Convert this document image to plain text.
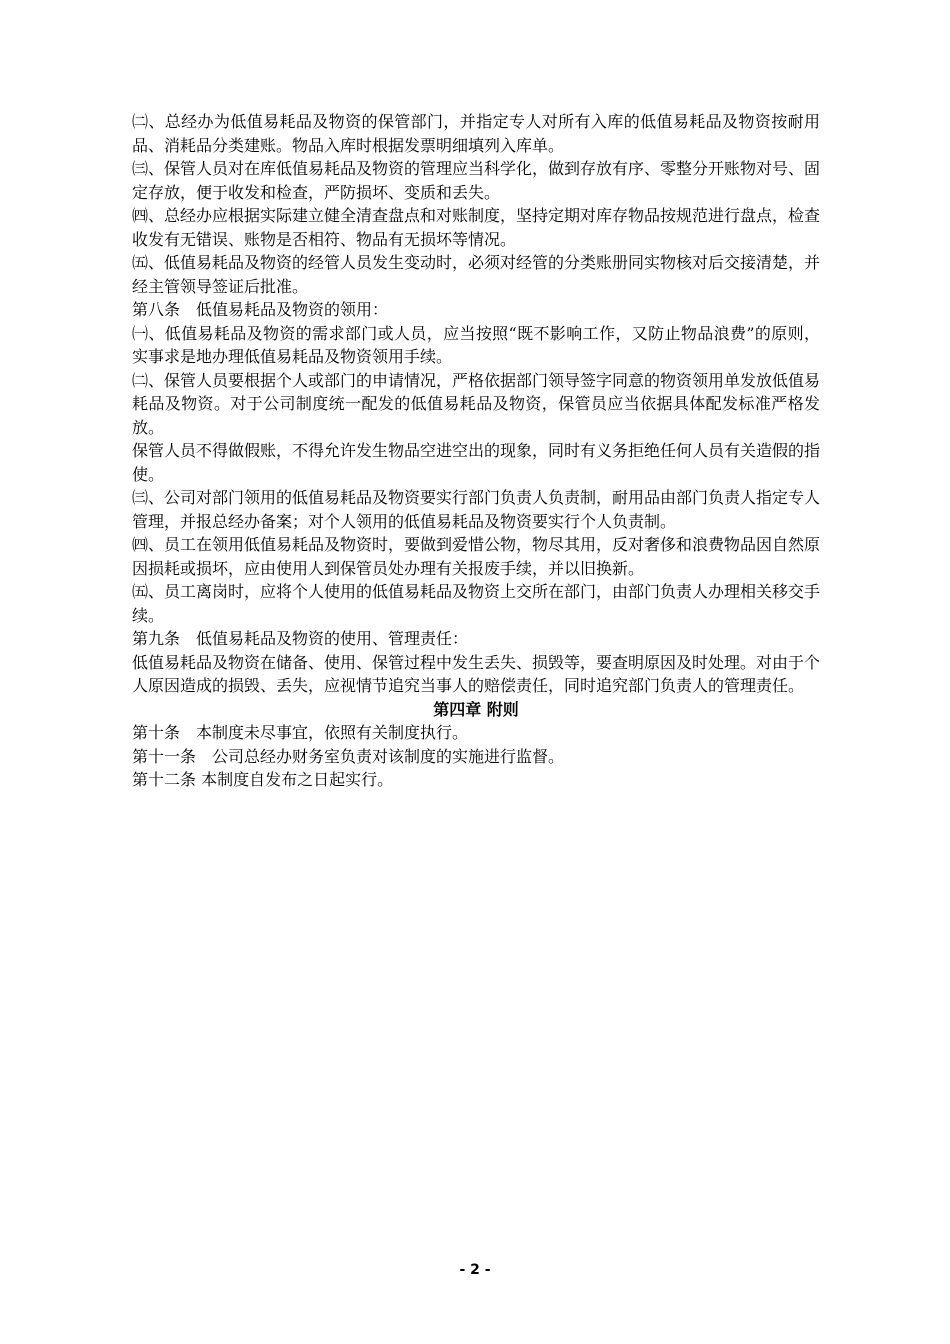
㈡、总经办为低值易耗品及物资的保管部门，并指定专人对所有入库的低值易耗品及物资按耐用品、消耗品分类建账。物品入库时根据发票明细填列入库单。

㈢、保管人员对在库低值易耗品及物资的管理应当科学化，做到存放有序、零整分开账物对号、固定存放，便于收发和检查，严防损坏、变质和丢失。

㈣、总经办应根据实际建立健全清查盘点和对账制度，坚持定期对库存物品按规范进行盘点，检查收发有无错误、账物是否相符、物品有无损坏等情况。

㈤、低值易耗品及物资的经管人员发生变动时，必须对经管的分类账册同实物核对后交接清楚，并经主管领导签证后批准。

第八条　低值易耗品及物资的领用：

㈠、低值易耗品及物资的需求部门或人员，应当按照“既不影响工作，又防止物品浪费”的原则，实事求是地办理低值易耗品及物资领用手续。

㈡、保管人员要根据个人或部门的申请情况，严格依据部门领导签字同意的物资领用单发放低值易耗品及物资。对于公司制度统一配发的低值易耗品及物资，保管员应当依据具体配发标准严格发放。

保管人员不得做假账，不得允许发生物品空进空出的现象，同时有义务拒绝任何人员有关造假的指使。

㈢、公司对部门领用的低值易耗品及物资要实行部门负责人负责制，耐用品由部门负责人指定专人管理，并报总经办备案；对个人领用的低值易耗品及物资要实行个人负责制。

㈣、员工在领用低值易耗品及物资时，要做到爱惜公物，物尽其用，反对奢侈和浪费物品因自然原因损耗或损坏，应由使用人到保管员处办理有关报废手续，并以旧换新。

㈤、员工离岗时，应将个人使用的低值易耗品及物资上交所在部门，由部门负责人办理相关移交手续。

第九条　低值易耗品及物资的使用、管理责任：

低值易耗品及物资在储备、使用、保管过程中发生丢失、损毁等，要查明原因及时处理。对由于个人原因造成的损毁、丢失，应视情节追究当事人的赔偿责任，同时追究部门负责人的管理责任。

第四章 附则

第十条　本制度未尽事宜，依照有关制度执行。

第十一条　公司总经办财务室负责对该制度的实施进行监督。

第十二条 本制度自发布之日起实行。

- 2 -
